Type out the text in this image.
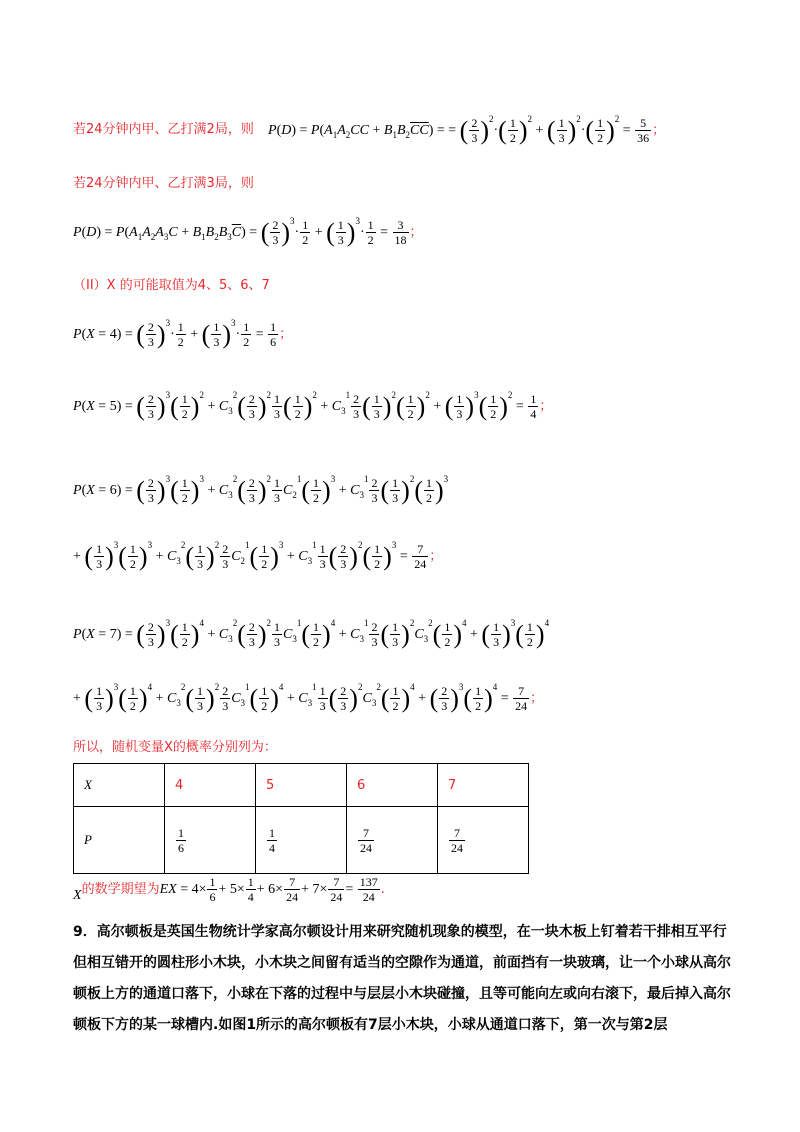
若24分钟内甲、乙打满2局，则 $P(D) = P(A_1A_2CC + B_1B_2\overline{C}\overline{C})$ = = ( $\frac{2}{3} )^2\cdot( \frac{1}{2} )^2$ + ( $\frac{1}{3} )^2\cdot( \frac{1}{2} )^2 = \frac{5}{36}$ ；
若24分钟内甲、乙打满3局，则
$P(D) = P(A_1A_2A_3C + B_1B_2B_3\overline{C})$ = ( $\frac{2}{3} )^3\cdot \frac{1}{2}$ + ( $\frac{1}{3} )^3\cdot \frac{1}{2} = \frac{3}{18}$ ；
（II）X 的可能取值为4、5、6、7
P(X = 4) = ( $\frac{2}{3} )^3\cdot \frac{1}{2}$ + ( $\frac{1}{3} )^3\cdot \frac{1}{2} = \frac{1}{6}$ ；
P(X = 5) = ( $\frac{2}{3} )^3( \frac{1}{2} )^2 + C_3^2( \frac{2}{3} )^2 \frac{1}{3}$ ( $\frac{1}{2} )^2 + C_3^1 \frac{2}{3}$ ( $\frac{1}{3} )^2( \frac{1}{2} )^2$ + ( $\frac{1}{3} )^3( \frac{1}{2} )^2 = \frac{1}{4}$ ；
P(X = 6) = ( $\frac{2}{3} )^3( \frac{1}{2} )^3 + C_3^2( \frac{2}{3} )^2 \frac{1}{3} C_2^1( \frac{1}{2} )^3 + C_3^1 \frac{2}{3}$ ( $\frac{1}{3} )^2( \frac{1}{2} )^3$
+ ( $\frac{1}{3} )^3( \frac{1}{2} )^3 + C_3^2( \frac{1}{3} )^2 \frac{2}{3} C_2^1( \frac{1}{2} )^3 + C_3^1 \frac{1}{3}$ ( $\frac{2}{3} )^2( \frac{1}{2} )^3 = \frac{7}{24}$ ；
P(X = 7) = ( $\frac{2}{3} )^3( \frac{1}{2} )^4 + C_3^2( \frac{2}{3} )^2 \frac{1}{3} C_3^1( \frac{1}{2} )^4 + C_3^1 \frac{2}{3}$ ( $\frac{1}{3} )^2C_3^2( \frac{1}{2} )^4$ + ( $\frac{1}{3} )^3( \frac{1}{2} )^4$
+ ( $\frac{1}{3} )^3( \frac{1}{2} )^4 + C_3^2( \frac{1}{3} )^2 \frac{2}{3} C_3^1( \frac{1}{2} )^4 + C_3^1 \frac{1}{3}$ ( $\frac{2}{3} )^2C_3^2( \frac{1}{2} )^4$ + ( $\frac{2}{3} )^3( \frac{1}{2} )^4 = \frac{7}{24}$ ；
所以，随机变量X的概率分别列为：
X	4	5	6	7
P	$\frac{1}{6}$	$\frac{1}{4}$	$\frac{7}{24}$	$\frac{7}{24}$
X的数学期望为EX = $4\times \frac{1}{6} + 5\times \frac{1}{4} + 6\times \frac{7}{24} + 7\times \frac{7}{24} = \frac{137}{24}$ .
9．高尔顿板是英国生物统计学家高尔顿设计用来研究随机现象的模型，在一块木板上钉着若干排相互平行但相互错开的圆柱形小木块，小木块之间留有适当的空隙作为通道，前面挡有一块玻璃，让一个小球从高尔顿板上方的通道口落下，小球在下落的过程中与层层小木块碰撞，且等可能向左或向右滚下，最后掉入高尔顿板下方的某一球槽内.如图1所示的高尔顿板有7层小木块，小球从通道口落下，第一次与第2层
